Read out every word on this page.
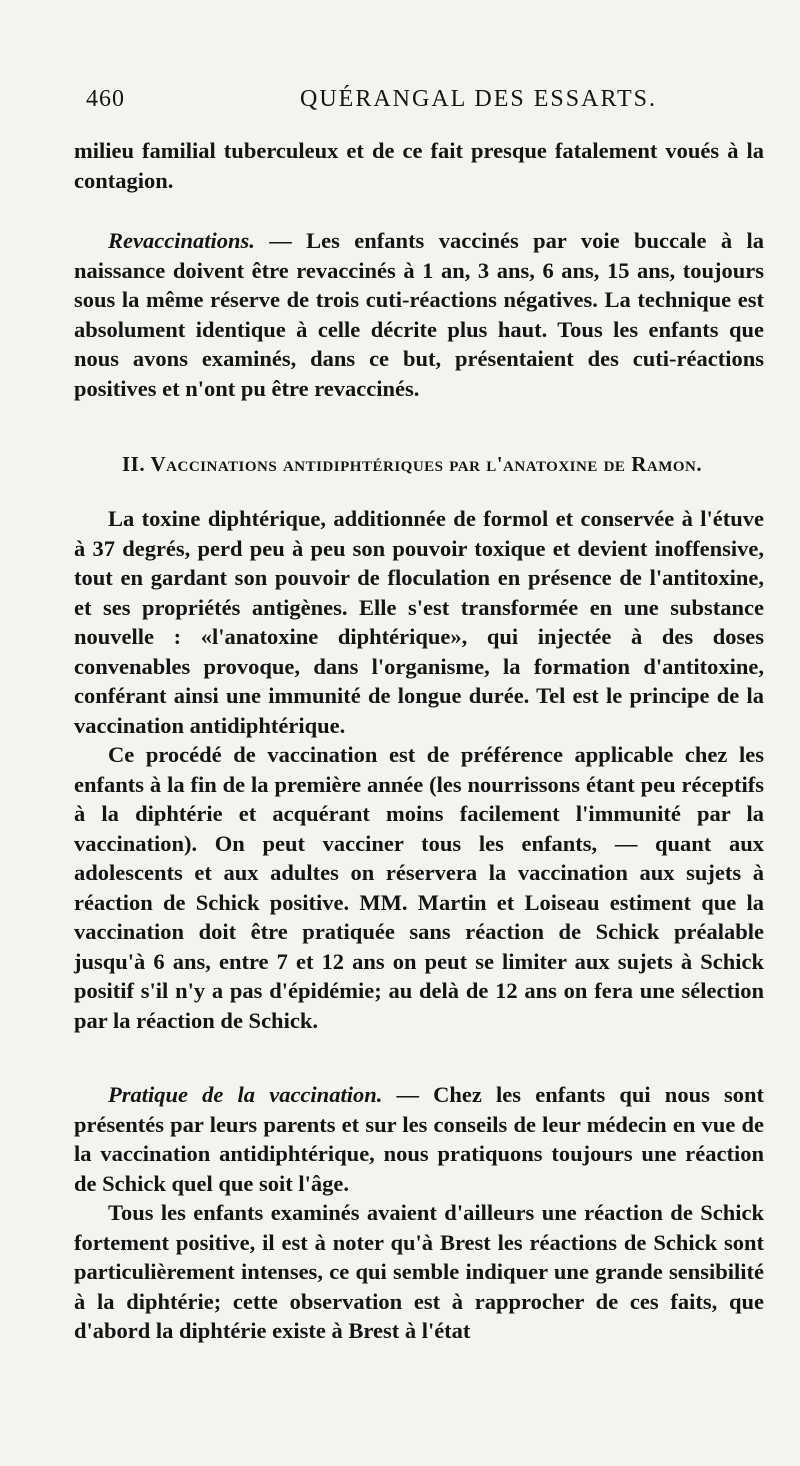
460	QUÉRANGAL DES ESSARTS.

milieu familial tuberculeux et de ce fait presque fatalement voués à la contagion.

Revaccinations. — Les enfants vaccinés par voie buccale à la naissance doivent être revaccinés à 1 an, 3 ans, 6 ans, 15 ans, toujours sous la même réserve de trois cuti-réactions négatives. La technique est absolument identique à celle décrite plus haut. Tous les enfants que nous avons examinés, dans ce but, présentaient des cuti-réactions positives et n'ont pu être revaccinés.

II. Vaccinations antidiphtériques par l'anatoxine de Ramon.

La toxine diphtérique, additionnée de formol et conservée à l'étuve à 37 degrés, perd peu à peu son pouvoir toxique et devient inoffensive, tout en gardant son pouvoir de floculation en présence de l'antitoxine, et ses propriétés antigènes. Elle s'est transformée en une substance nouvelle : «l'anatoxine diphtérique», qui injectée à des doses convenables provoque, dans l'organisme, la formation d'antitoxine, conférant ainsi une immunité de longue durée. Tel est le principe de la vaccination antidiphtérique.

Ce procédé de vaccination est de préférence applicable chez les enfants à la fin de la première année (les nourrissons étant peu réceptifs à la diphtérie et acquérant moins facilement l'immunité par la vaccination). On peut vacciner tous les enfants, — quant aux adolescents et aux adultes on réservera la vaccination aux sujets à réaction de Schick positive. MM. Martin et Loiseau estiment que la vaccination doit être pratiquée sans réaction de Schick préalable jusqu'à 6 ans, entre 7 et 12 ans on peut se limiter aux sujets à Schick positif s'il n'y a pas d'épidémie; au delà de 12 ans on fera une sélection par la réaction de Schick.

Pratique de la vaccination. — Chez les enfants qui nous sont présentés par leurs parents et sur les conseils de leur médecin en vue de la vaccination antidiphtérique, nous pratiquons toujours une réaction de Schick quel que soit l'âge.

Tous les enfants examinés avaient d'ailleurs une réaction de Schick fortement positive, il est à noter qu'à Brest les réactions de Schick sont particulièrement intenses, ce qui semble indiquer une grande sensibilité à la diphtérie; cette observation est à rapprocher de ces faits, que d'abord la diphtérie existe à Brest à l'état
